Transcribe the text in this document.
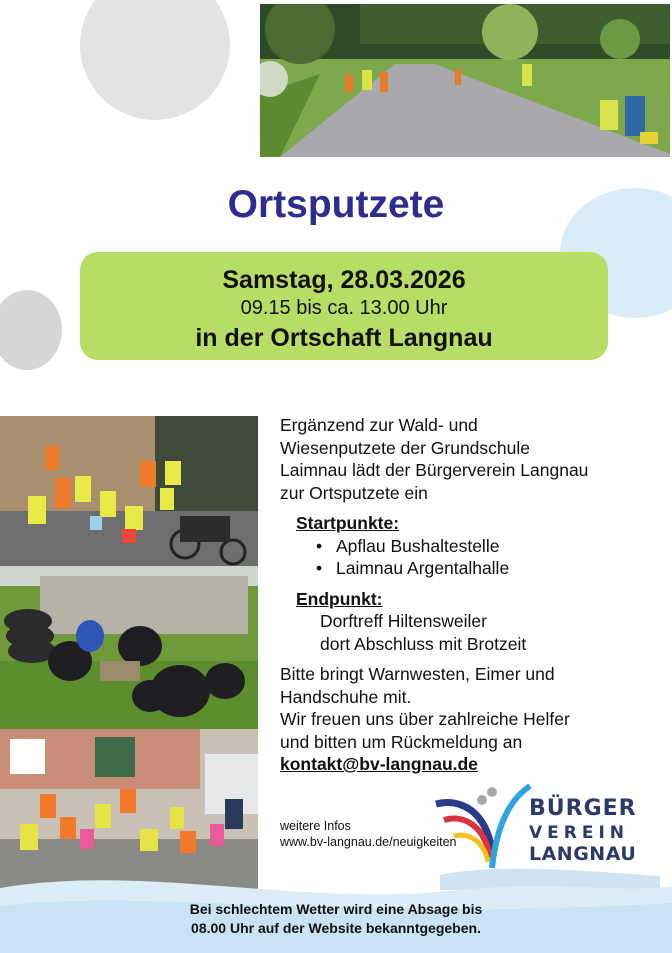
Ortsputzete
Samstag, 28.03.2026
09.15 bis ca. 13.00 Uhr
in der Ortschaft Langnau
Ergänzend zur Wald- und
Wiesenputzete der Grundschule
Laimnau lädt der Bürgerverein Langnau
zur Ortsputzete ein
Startpunkte:
• Apflau Bushaltestelle
• Laimnau Argentalhalle
Endpunkt:
Dorftreff Hiltensweiler
dort Abschluss mit Brotzeit
Bitte bringt Warnwesten, Eimer und
Handschuhe mit.
Wir freuen uns über zahlreiche Helfer
und bitten um Rückmeldung an
kontakt@bv-langnau.de
weitere Infos
www.bv-langnau.de/neuigkeiten
BÜRGER
VEREIN
LANGNAU
Bei schlechtem Wetter wird eine Absage bis
08.00 Uhr auf der Website bekanntgegeben.
